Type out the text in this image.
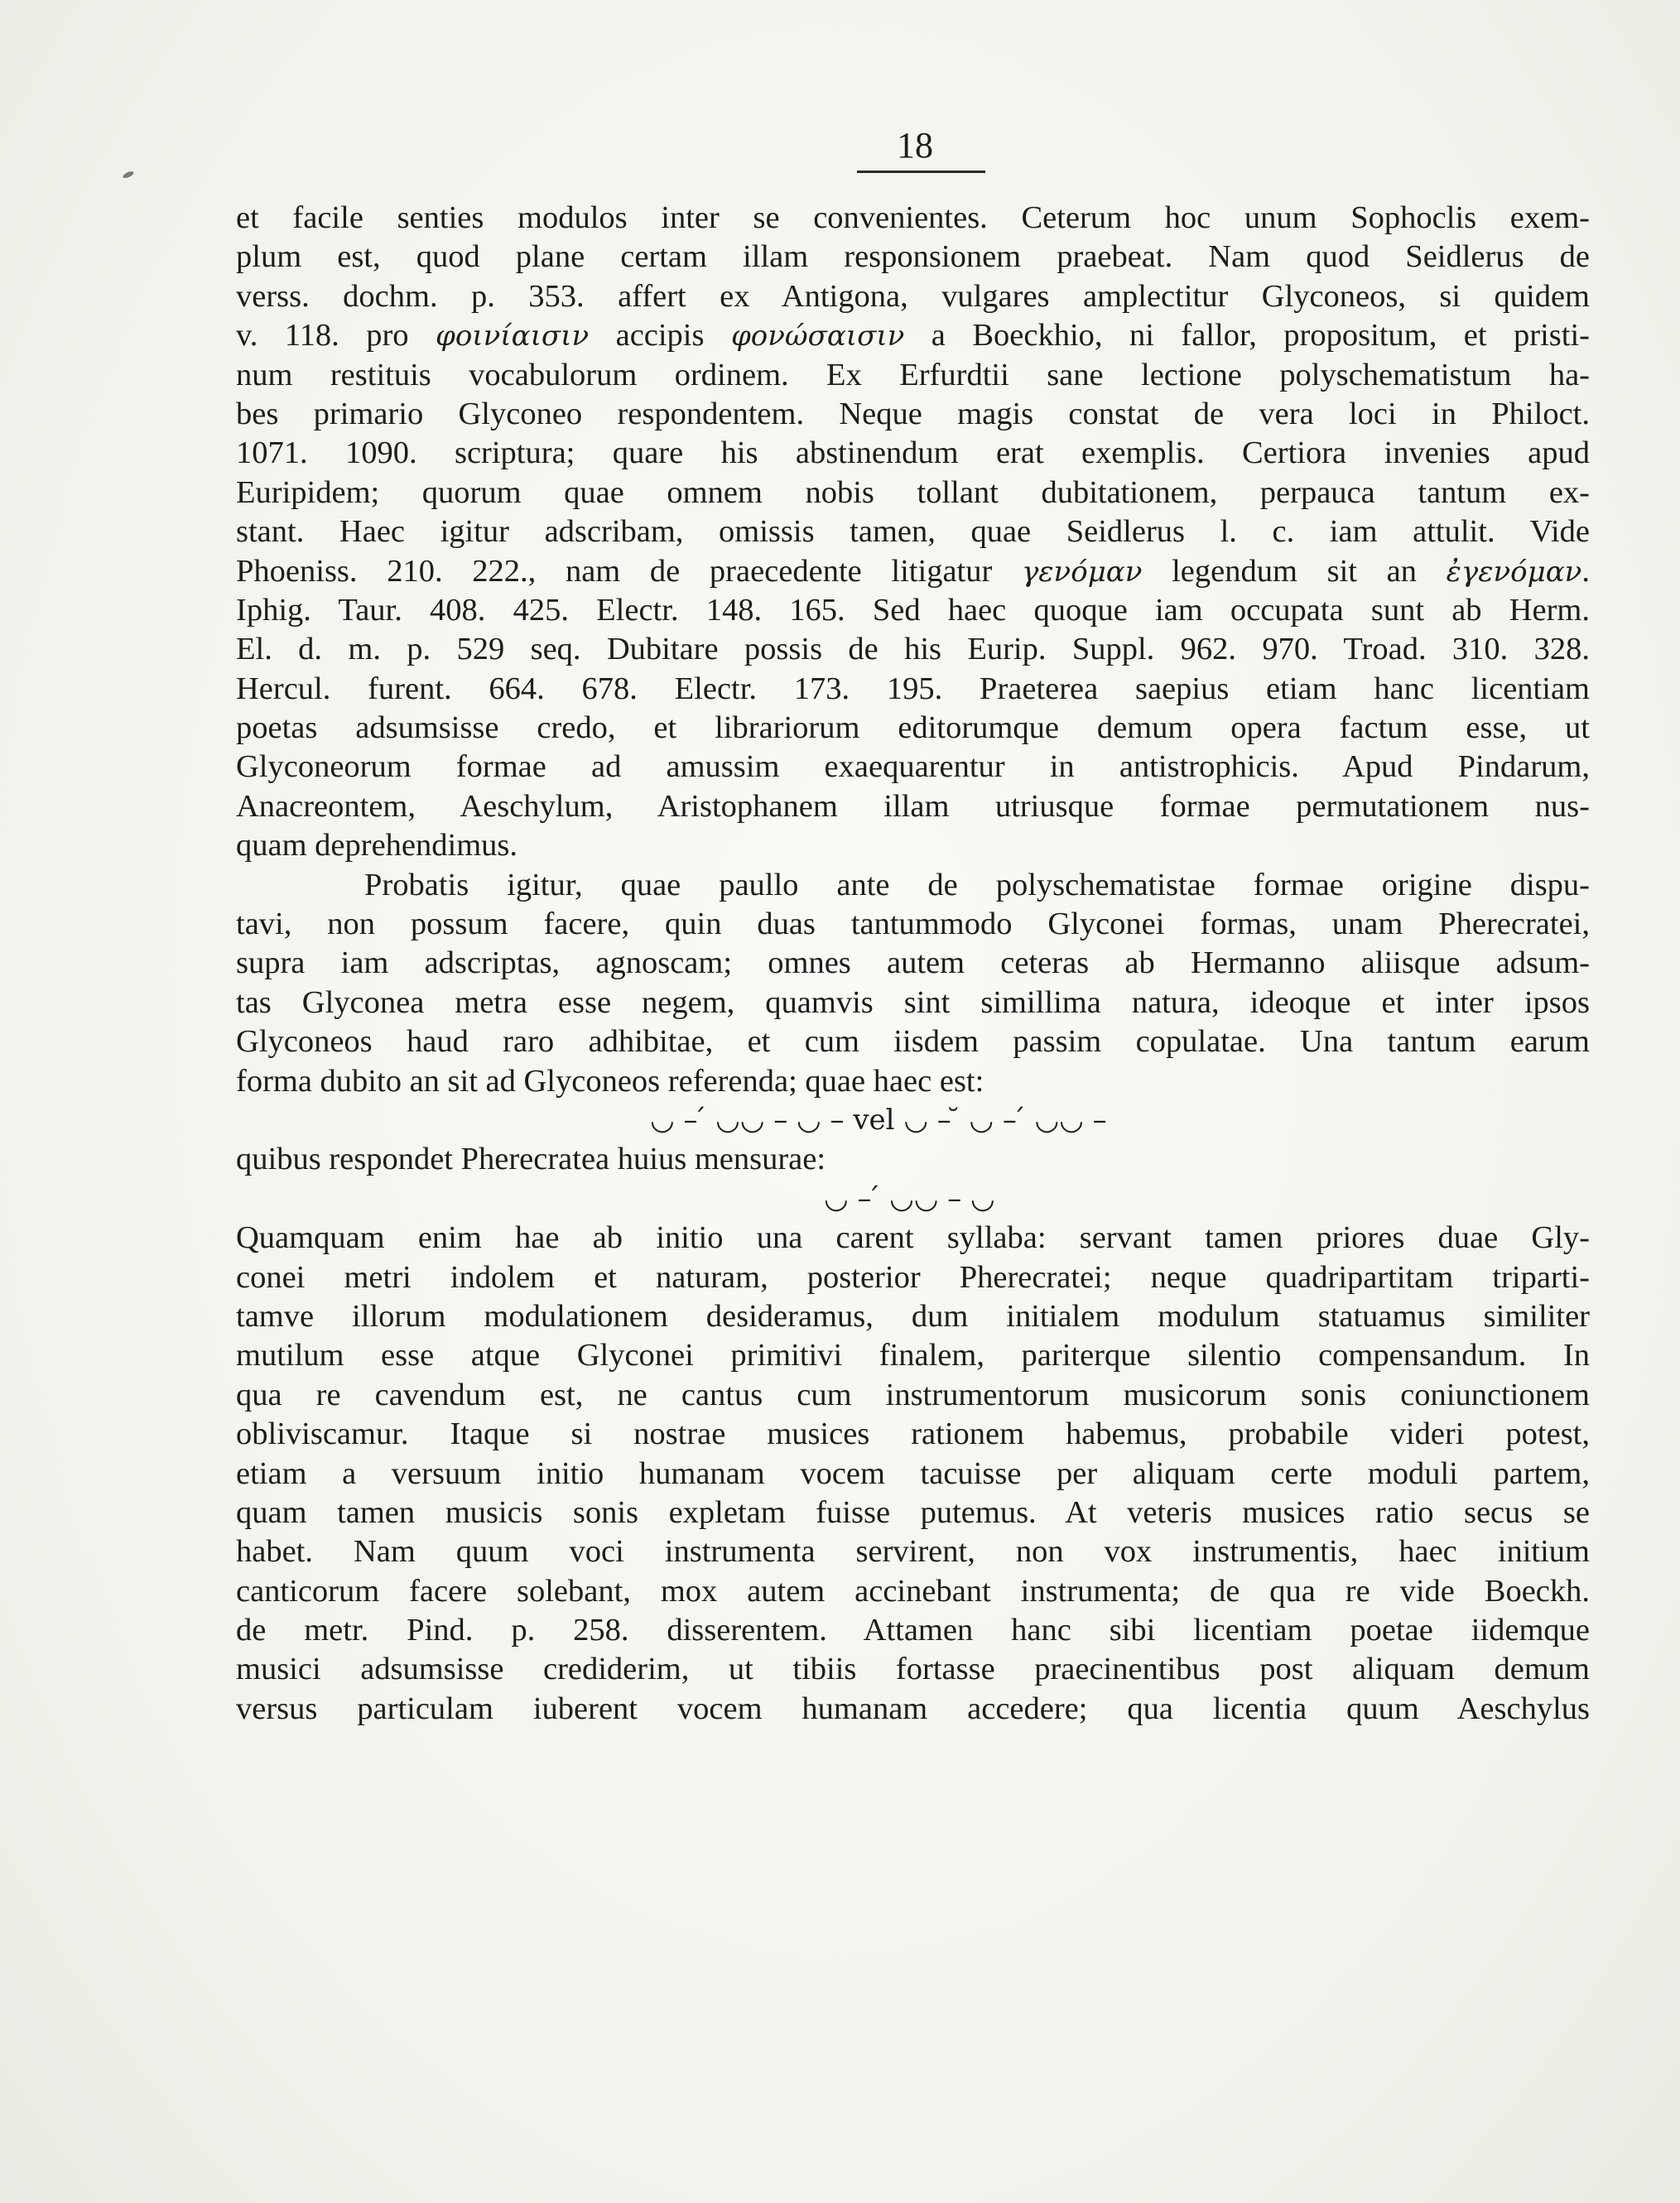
18
et facile senties modulos inter se convenientes. Ceterum hoc unum Sophoclis exem-
plum est, quod plane certam illam responsionem praebeat. Nam quod Seidlerus de
verss. dochm. p. 353. affert ex Antigona, vulgares amplectitur Glyconeos, si quidem
v. 118. pro φοινίαισιν accipis φονώσαισιν a Boeckhio, ni fallor, propositum, et pristi-
num restituis vocabulorum ordinem. Ex Erfurdtii sane lectione polyschematistum ha-
bes primario Glyconeo respondentem. Neque magis constat de vera loci in Philoct.
1071. 1090. scriptura; quare his abstinendum erat exemplis. Certiora invenies apud
Euripidem; quorum quae omnem nobis tollant dubitationem, perpauca tantum ex-
stant. Haec igitur adscribam, omissis tamen, quae Seidlerus l. c. iam attulit. Vide
Phoeniss. 210. 222., nam de praecedente litigatur γενόμαν legendum sit an ἐγενόμαν.
Iphig. Taur. 408. 425. Electr. 148. 165. Sed haec quoque iam occupata sunt ab Herm.
El. d. m. p. 529 seq. Dubitare possis de his Eurip. Suppl. 962. 970. Troad. 310. 328.
Hercul. furent. 664. 678. Electr. 173. 195. Praeterea saepius etiam hanc licentiam
poetas adsumsisse credo, et librariorum editorumque demum opera factum esse, ut
Glyconeorum formae ad amussim exaequarentur in antistrophicis. Apud Pindarum,
Anacreontem, Aeschylum, Aristophanem illam utriusque formae permutationem nus-
quam deprehendimus.
Probatis igitur, quae paullo ante de polyschematistae formae origine dispu-
tavi, non possum facere, quin duas tantummodo Glyconei formas, unam Pherecratei,
supra iam adscriptas, agnoscam; omnes autem ceteras ab Hermanno aliisque adsum-
tas Glyconea metra esse negem, quamvis sint simillima natura, ideoque et inter ipsos
Glyconeos haud raro adhibitae, et cum iisdem passim copulatae. Una tantum earum
forma dubito an sit ad Glyconeos referenda; quae haec est:
◡ – ́ ◡◡ – ◡ – vel ◡ – ̆ ◡ – ́ ◡◡ –
quibus respondet Pherecratea huius mensurae:
◡ – ́ ◡◡ – ◡
Quamquam enim hae ab initio una carent syllaba: servant tamen priores duae Gly-
conei metri indolem et naturam, posterior Pherecratei; neque quadripartitam triparti-
tamve illorum modulationem desideramus, dum initialem modulum statuamus similiter
mutilum esse atque Glyconei primitivi finalem, pariterque silentio compensandum. In
qua re cavendum est, ne cantus cum instrumentorum musicorum sonis coniunctionem
obliviscamur. Itaque si nostrae musices rationem habemus, probabile videri potest,
etiam a versuum initio humanam vocem tacuisse per aliquam certe moduli partem,
quam tamen musicis sonis expletam fuisse putemus. At veteris musices ratio secus se
habet. Nam quum voci instrumenta servirent, non vox instrumentis, haec initium
canticorum facere solebant, mox autem accinebant instrumenta; de qua re vide Boeckh.
de metr. Pind. p. 258. disserentem. Attamen hanc sibi licentiam poetae iidemque
musici adsumsisse crediderim, ut tibiis fortasse praecinentibus post aliquam demum
versus particulam iuberent vocem humanam accedere; qua licentia quum Aeschylus
